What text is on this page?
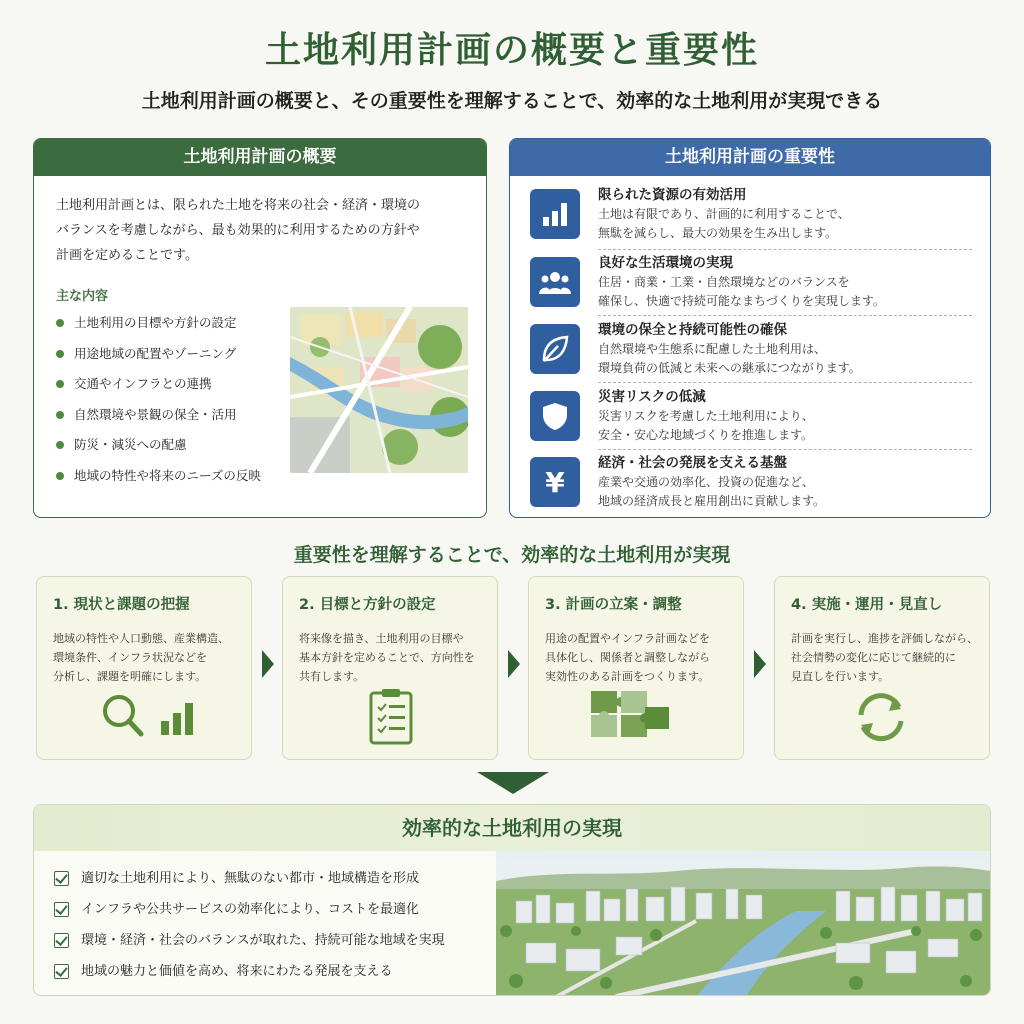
土地利用計画の概要と重要性
土地利用計画の概要と、その重要性を理解することで、効率的な土地利用が実現できる
土地利用計画の概要
土地利用計画とは、限られた土地を将来の社会・経済・環境の
バランスを考慮しながら、最も効果的に利用するための方針や
計画を定めることです。
主な内容
土地利用の目標や方針の設定
用途地域の配置やゾーニング
交通やインフラとの連携
自然環境や景観の保全・活用
防災・減災への配慮
地域の特性や将来のニーズの反映
土地利用計画の重要性
限られた資源の有効活用
土地は有限であり、計画的に利用することで、
無駄を減らし、最大の効果を生み出します。
良好な生活環境の実現
住居・商業・工業・自然環境などのバランスを
確保し、快適で持続可能なまちづくりを実現します。
環境の保全と持続可能性の確保
自然環境や生態系に配慮した土地利用は、
環境負荷の低減と未来への継承につながります。
災害リスクの低減
災害リスクを考慮した土地利用により、
安全・安心な地域づくりを推進します。
¥
経済・社会の発展を支える基盤
産業や交通の効率化、投資の促進など、
地域の経済成長と雇用創出に貢献します。
重要性を理解することで、効率的な土地利用が実現
1. 現状と課題の把握
地域の特性や人口動態、産業構造、
環境条件、インフラ状況などを
分析し、課題を明確にします。
2. 目標と方針の設定
将来像を描き、土地利用の目標や
基本方針を定めることで、方向性を
共有します。
3. 計画の立案・調整
用途の配置やインフラ計画などを
具体化し、関係者と調整しながら
実効性のある計画をつくります。
4. 実施・運用・見直し
計画を実行し、進捗を評価しながら、
社会情勢の変化に応じて継続的に
見直しを行います。
効率的な土地利用の実現
適切な土地利用により、無駄のない都市・地域構造を形成
インフラや公共サービスの効率化により、コストを最適化
環境・経済・社会のバランスが取れた、持続可能な地域を実現
地域の魅力と価値を高め、将来にわたる発展を支える
